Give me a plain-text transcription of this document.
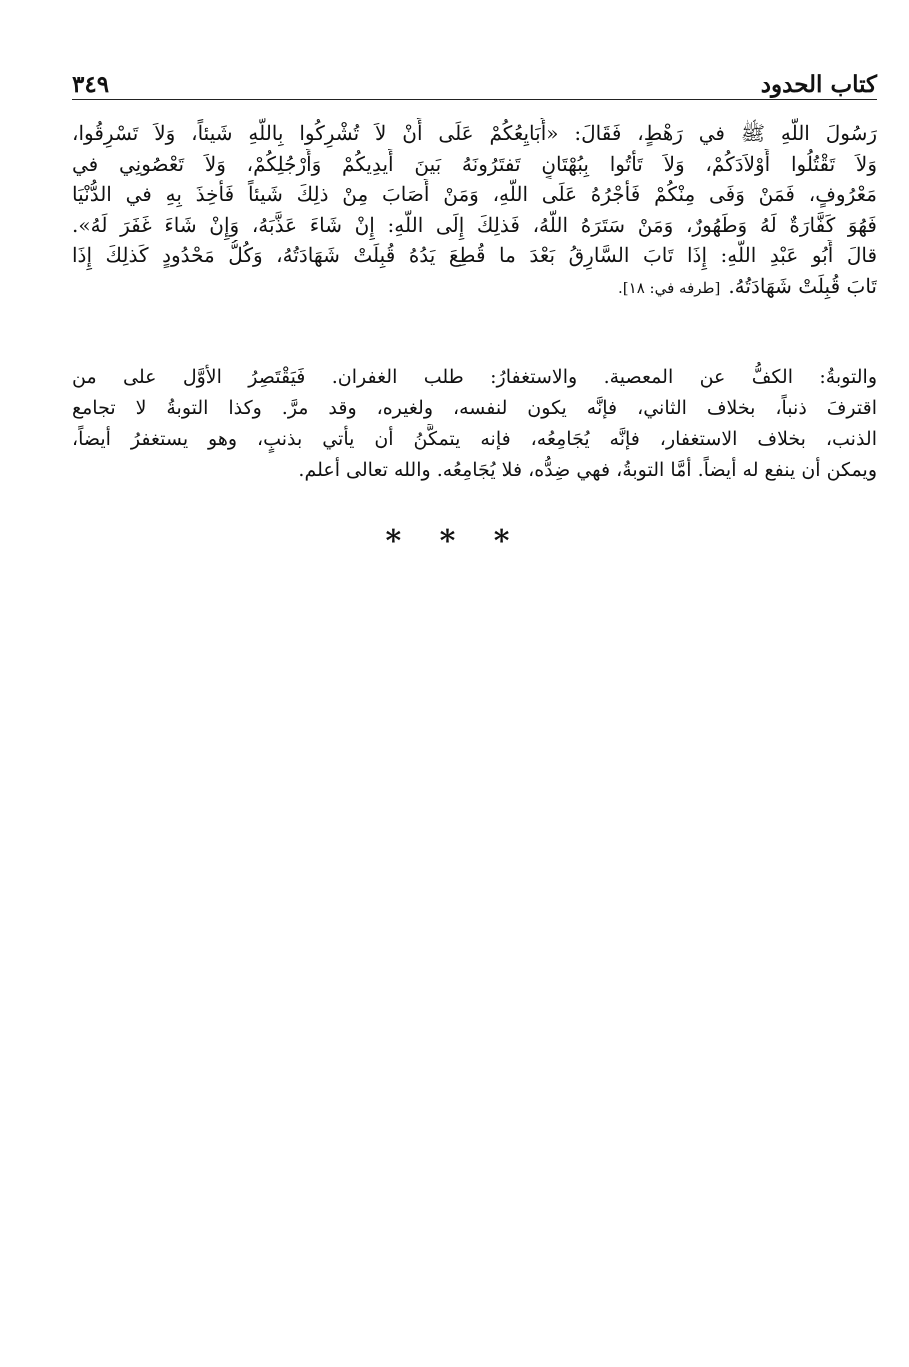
كتاب الحدود
٣٤٩
رَسُولَ اللَّهِ ﷺ في رَهْطٍ، فَقَالَ: «أُبَايِعُكُمْ عَلَى أَنْ لاَ تُشْرِكُوا بِاللَّهِ شَيئاً، وَلاَ تَسْرِقُوا،
وَلاَ تَقْتُلُوا أَوْلاَدَكُمْ، وَلاَ تَأْتُوا بِبُهْتَانٍ تَفتَرُونَهُ بَينَ أَيدِيكُمْ وَأَرْجُلِكُمْ، وَلاَ تَعْصُونِي في
مَعْرُوفٍ، فَمَنْ وَفَى مِنْكُمْ فَأَجْرُهُ عَلَى اللَّهِ، وَمَنْ أَصَابَ مِنْ ذلِكَ شَيئاً فَأُخِذَ بِهِ في الدُّنْيَا
فَهُوَ كَفَّارَةٌ لَهُ وَطَهُورٌ، وَمَنْ سَتَرَهُ اللَّهُ، فَذلِكَ إِلَى اللَّهِ: إِنْ شَاءَ عَذَّبَهُ، وَإِنْ شَاءَ غَفَرَ لَهُ».
قالَ أَبُو عَبْدِ اللَّهِ: إِذَا تَابَ السَّارِقُ بَعْدَ ما قُطِعَ يَدُهُ قُبِلَتْ شَهَادَتُهُ، وَكُلُّ مَحْدُودٍ كَذلِكَ إِذَا
تَابَ قُبِلَتْ شَهَادَتُهُ.[طرفه في: ١٨].
والتوبةُ: الكفُّ عن المعصية. والاستغفارُ: طلب الغفران. فَيَقْتَصِرُ الأوَّل على من
اقترفَ ذنباً، بخلاف الثاني، فإنَّه يكون لنفسه، ولغيره، وقد مرَّ. وكذا التوبةُ لا تجامع
الذنب، بخلاف الاستغفار، فإنَّه يُجَامِعُه، فإنه يتمكَّنُ أن يأتي بذنبٍ، وهو يستغفرُ أيضاً،
ويمكن أن ينفع له أيضاً. أمَّا التوبةُ، فهي ضِدُّه، فلا يُجَامِعُه. والله تعالى أعلم.
* * *
